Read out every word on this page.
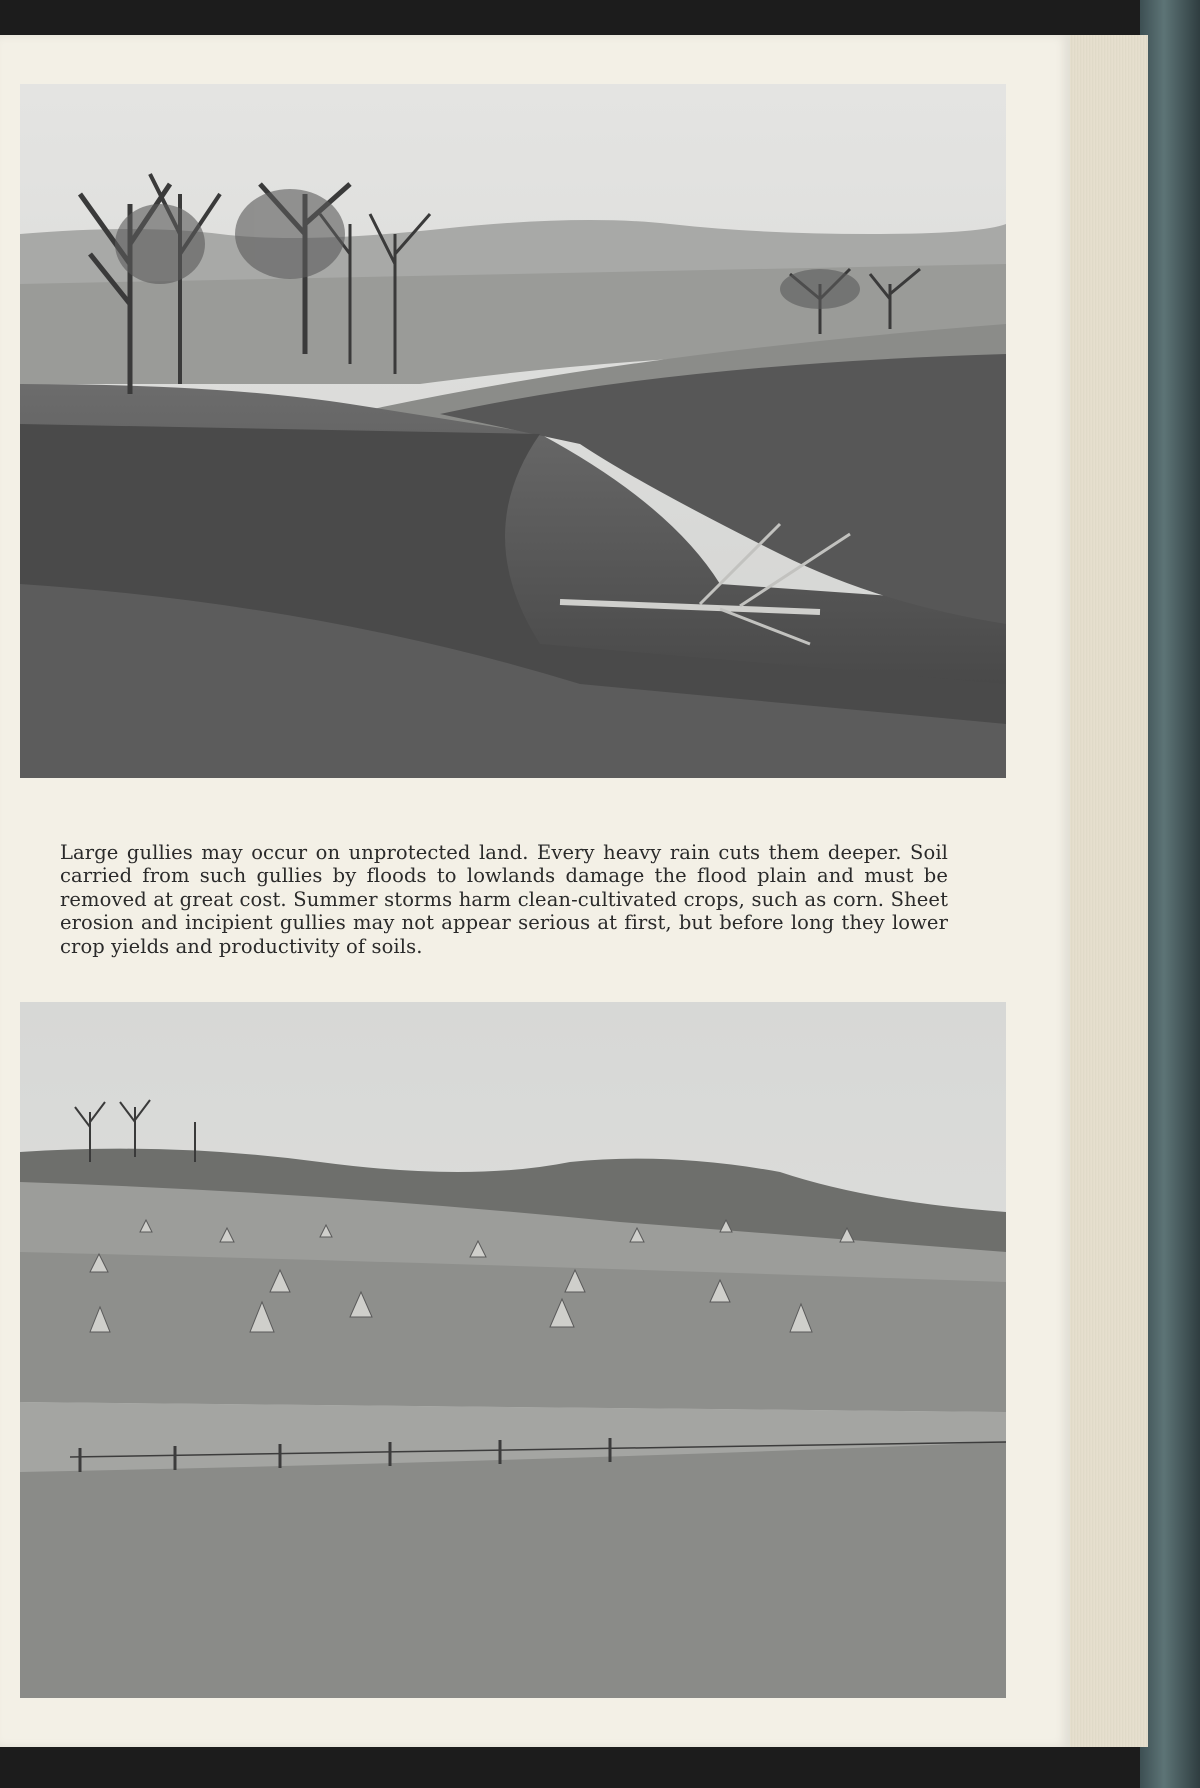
Large gullies may occur on unprotected land. Every heavy rain cuts them deeper. Soil carried from such gullies by floods to lowlands damage the flood plain and must be removed at great cost. Summer storms harm clean-cultivated crops, such as corn. Sheet erosion and incipient gullies may not appear serious at first, but before long they lower crop yields and productivity of soils.
